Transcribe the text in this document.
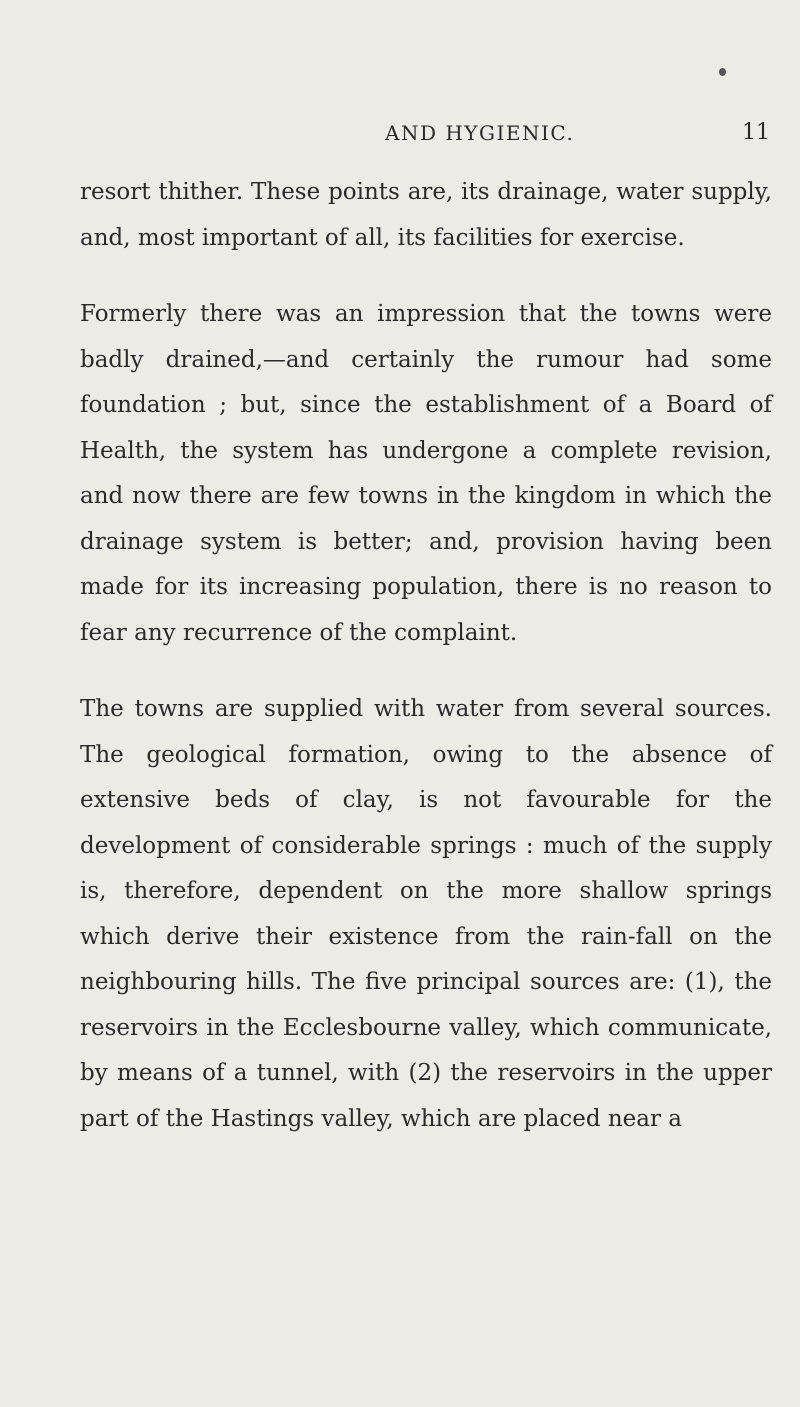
AND HYGIENIC.	11

resort thither. These points are, its drainage, water supply, and, most important of all, its facilities for exercise.

Formerly there was an impression that the towns were badly drained,—and certainly the rumour had some foundation ; but, since the establishment of a Board of Health, the system has undergone a complete revision, and now there are few towns in the kingdom in which the drainage system is better; and, provision having been made for its increasing population, there is no reason to fear any recurrence of the complaint.

The towns are supplied with water from several sources. The geological formation, owing to the absence of extensive beds of clay, is not favourable for the development of considerable springs : much of the supply is, therefore, dependent on the more shallow springs which derive their existence from the rain-fall on the neighbouring hills. The five principal sources are: (1), the reservoirs in the Ecclesbourne valley, which communicate, by means of a tunnel, with (2) the reservoirs in the upper part of the Hastings valley, which are placed near a
